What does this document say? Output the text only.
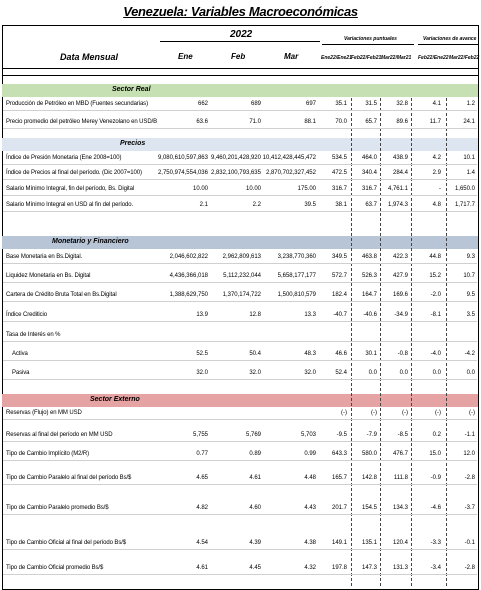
Venezuela: Variables Macroeconómicas
2022
Data Mensual	Ene	Feb	Mar
Variaciones puntuales	Variaciones de avance
Ene22/Ene21 Feb22/Feb21 Mar22/Mar21 Feb22/Ene22 Mar22/Feb22
Sector Real
Precios
Monetario y Financiero
Sector Externo
Producción de Petróleo en MBD (Fuentes secundarias)	662	689	697	35.1	31.5	32.8	4.1	1.2
Precio promedio del petróleo Merey Venezolano en USD/B	63.6	71.0	88.1	70.0	65.7	89.6	11.7	24.1
Índice de Presión Monetaria (Ene 2008=100)	9,080,610,597,863 9,460,201,428,920 10,412,428,445,472	534.5	464.0	438.9	4.2	10.1
Índice de Precios al final del período. (Dic 2007=100)	2,750,974,554,036 2,832,100,793,635 2,870,702,327,452	472.5	340.4	284.4	2.9	1.4
Salario Mínimo Integral, fin del período, Bs. Digital	10.00	10.00	175.00	316.7	316.7	4,761.1	-	1,650.0
Salario Mínimo Integral en USD al fin del período.	2.1	2.2	39.5	38.1	63.7	1,974.3	4.8	1,717.7
Base Monetaria en Bs.Digital.	2,046,602,822	2,962,809,613	3,238,770,360	349.5	463.8	422.3	44.8	9.3
Liquidez Monetaria en Bs. Digital	4,436,366,018	5,112,232,044	5,658,177,177	572.7	526.3	427.9	15.2	10.7
Cartera de Crédito Bruta Total en Bs.Digital	1,388,629,750	1,370,174,722	1,500,810,579	182.4	164.7	169.6	-2.0	9.5
Índice Crediticio	13.9	12.8	13.3	-40.7	-40.6	-34.9	-8.1	3.5
Tasa de Interés en %
Activa	52.5	50.4	48.3	46.6	30.1	-0.8	-4.0	-4.2
Pasiva	32.0	32.0	32.0	52.4	0.0	0.0	0.0	0.0
Reservas (Flujo) en MM USD	(-)	(-)	(-)	(-)	(-)
Reservas al final del período en MM USD	5,755	5,769	5,703	-9.5	-7.9	-8.5	0.2	-1.1
Tipo de Cambio Implícito (M2/R)	0.77	0.89	0.99	643.3	580.0	476.7	15.0	12.0
Tipo de Cambio Paralelo al final del período Bs/$	4.65	4.61	4.48	165.7	142.8	111.8	-0.9	-2.8
Tipo de Cambio Paralelo promedio Bs/$	4.82	4.60	4.43	201.7	154.5	134.3	-4.6	-3.7
Tipo de Cambio Oficial al final del período Bs/$	4.54	4.39	4.38	149.1	135.1	120.4	-3.3	-0.1
Tipo de Cambio Oficial promedio Bs/$	4.61	4.45	4.32	197.8	147.3	131.3	-3.4	-2.8
